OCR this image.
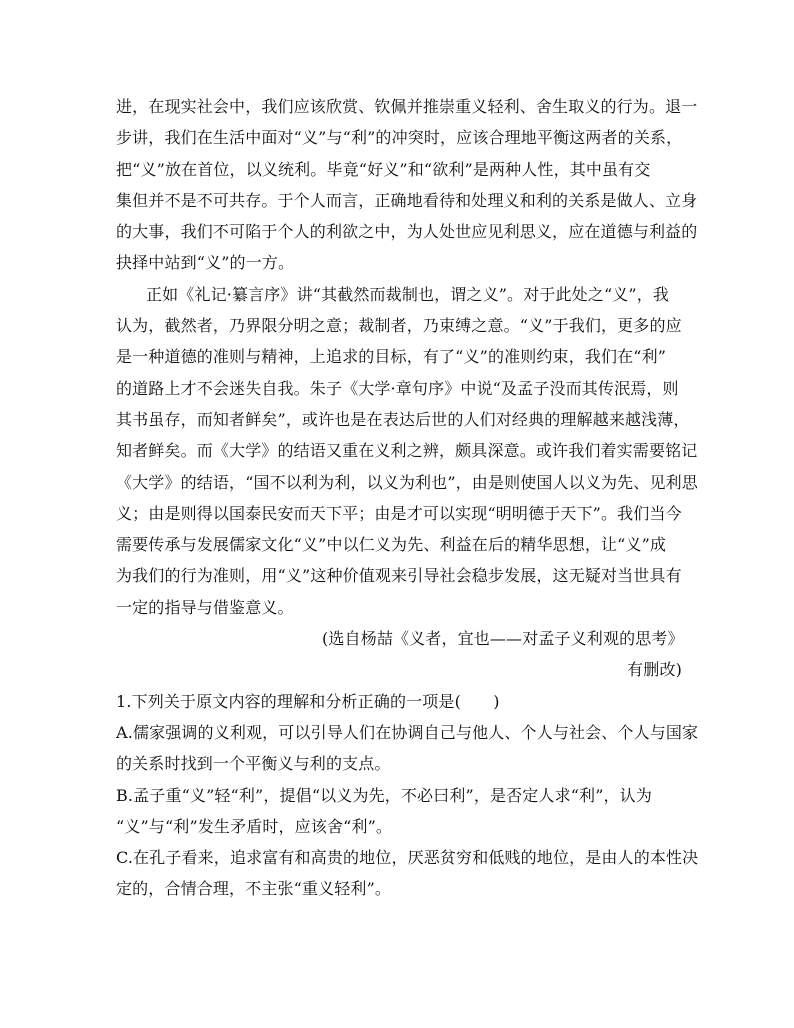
进，在现实社会中，我们应该欣赏、钦佩并推崇重义轻利、舍生取义的行为。退一
步讲，我们在生活中面对“义”与“利”的冲突时，应该合理地平衡这两者的关系，
把“义”放在首位，以义统利。毕竟“好义”和“欲利”是两种人性，其中虽有交
集但并不是不可共存。于个人而言，正确地看待和处理义和利的关系是做人、立身
的大事，我们不可陷于个人的利欲之中，为人处世应见利思义，应在道德与利益的
抉择中站到“义”的一方。
正如《礼记·纂言序》讲“其截然而裁制也，谓之义”。对于此处之“义”，我
认为，截然者，乃界限分明之意；裁制者，乃束缚之意。“义”于我们，更多的应
是一种道德的准则与精神，上追求的目标，有了“义”的准则约束，我们在“利”
的道路上才不会迷失自我。朱子《大学·章句序》中说“及孟子没而其传泯焉，则
其书虽存，而知者鲜矣”，或许也是在表达后世的人们对经典的理解越来越浅薄，
知者鲜矣。而《大学》的结语又重在义利之辨，颇具深意。或许我们着实需要铭记
《大学》的结语，“国不以利为利，以义为利也”，由是则使国人以义为先、见利思
义；由是则得以国泰民安而天下平；由是才可以实现“明明德于天下”。我们当今
需要传承与发展儒家文化“义”中以仁义为先、利益在后的精华思想，让“义”成
为我们的行为准则，用“义”这种价值观来引导社会稳步发展，这无疑对当世具有
一定的指导与借鉴意义。
(选自杨喆《义者，宜也——对孟子义利观的思考》
有删改)
1.下列关于原文内容的理解和分析正确的一项是(　　)
A.儒家强调的义利观，可以引导人们在协调自己与他人、个人与社会、个人与国家
的关系时找到一个平衡义与利的支点。
B.孟子重“义”轻“利”，提倡“以义为先，不必曰利”，是否定人求“利”，认为
“义”与“利”发生矛盾时，应该舍“利”。
C.在孔子看来，追求富有和高贵的地位，厌恶贫穷和低贱的地位，是由人的本性决
定的，合情合理，不主张“重义轻利”。
